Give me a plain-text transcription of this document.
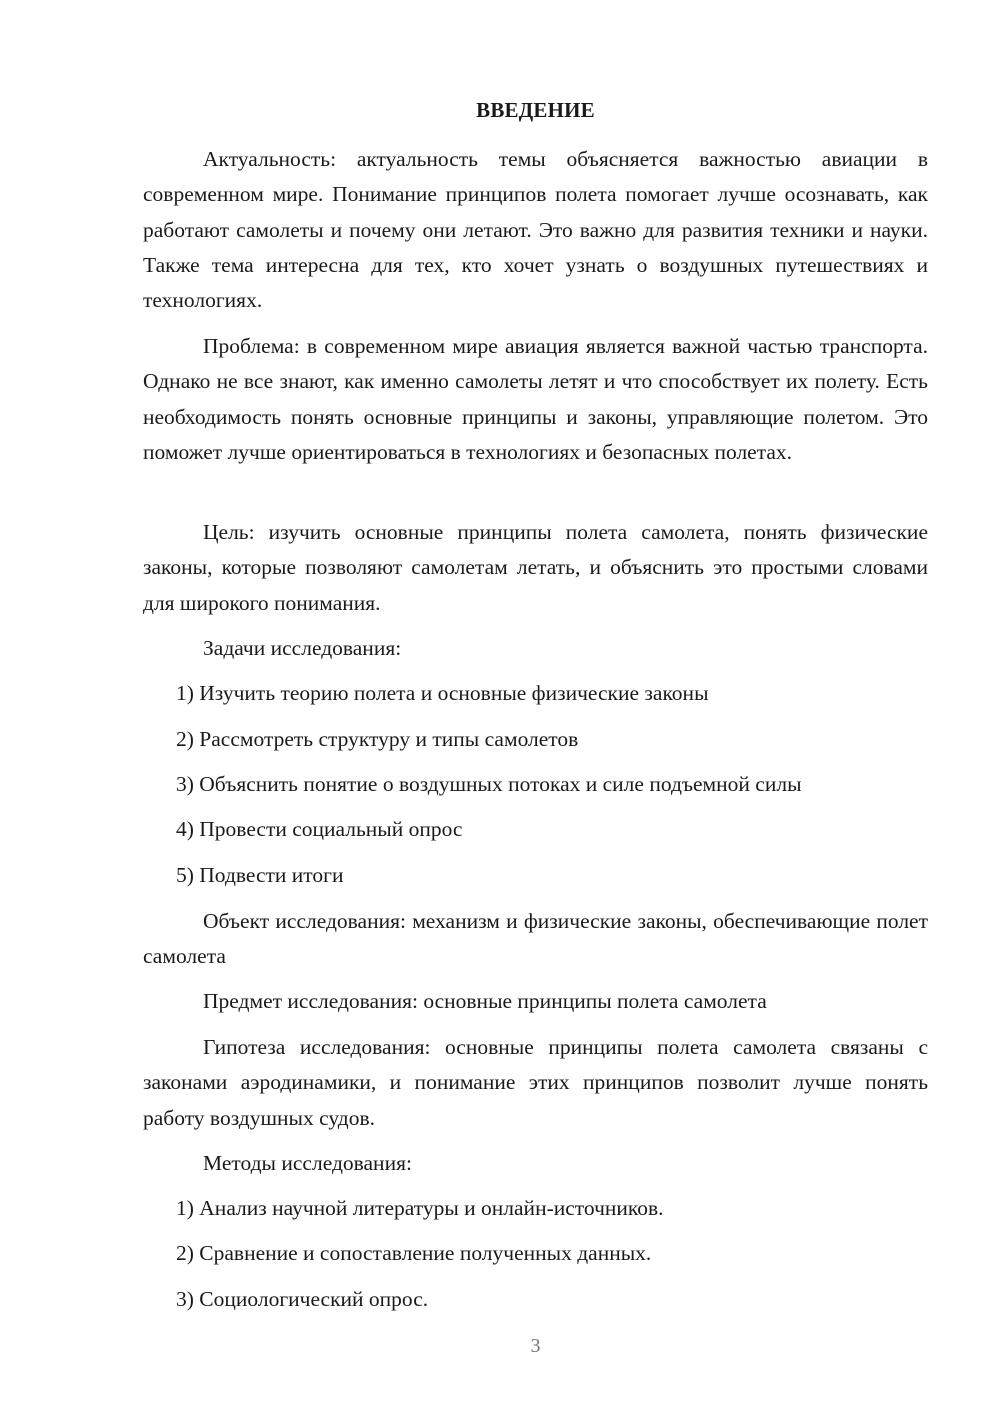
ВВЕДЕНИЕ

Актуальность: актуальность темы объясняется важностью авиации в современном мире. Понимание принципов полета помогает лучше осознавать, как работают самолеты и почему они летают. Это важно для развития техники и науки. Также тема интересна для тех, кто хочет узнать о воздушных путешествиях и технологиях.

Проблема: в современном мире авиация является важной частью транспорта. Однако не все знают, как именно самолеты летят и что способствует их полету. Есть необходимость понять основные принципы и законы, управляющие полетом. Это поможет лучше ориентироваться в технологиях и безопасных полетах.

Цель: изучить основные принципы полета самолета, понять физические законы, которые позволяют самолетам летать, и объяснить это простыми словами для широкого понимания.

Задачи исследования:

1) Изучить теорию полета и основные физические законы

2) Рассмотреть структуру и типы самолетов

3) Объяснить понятие о воздушных потоках и силе подъемной силы

4) Провести социальный опрос

5) Подвести итоги

Объект исследования: механизм и физические законы, обеспечивающие полет самолета

Предмет исследования: основные принципы полета самолета

Гипотеза исследования: основные принципы полета самолета связаны с законами аэродинамики, и понимание этих принципов позволит лучше понять работу воздушных судов.

Методы исследования:

1) Анализ научной литературы и онлайн-источников.

2) Сравнение и сопоставление полученных данных.

3) Социологический опрос.

3
